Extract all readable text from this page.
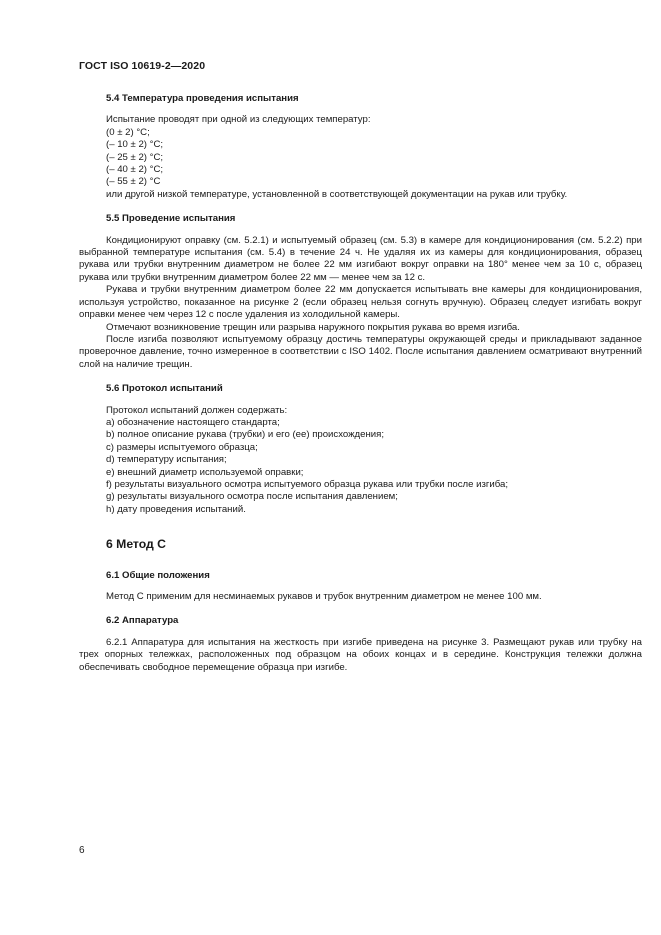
ГОСТ ISO 10619-2—2020
5.4 Температура проведения испытания

Испытание проводят при одной из следующих температур:

(0 ± 2) °C;

(– 10 ± 2) °C;

(– 25 ± 2) °C;

(– 40 ± 2) °C;

(– 55 ± 2) °C

или другой низкой температуре, установленной в соответствующей документации на рукав или трубку.

5.5 Проведение испытания

Кондиционируют оправку (см. 5.2.1) и испытуемый образец (см. 5.3) в камере для кондиционирования (см. 5.2.2) при выбранной температуре испытания (см. 5.4) в течение 24 ч. Не удаляя их из камеры для кондиционирования, образец рукава или трубки внутренним диаметром не более 22 мм изгибают вокруг оправки на 180° менее чем за 10 с, образец рукава или трубки внутренним диаметром более 22 мм — менее чем за 12 с.

Рукава и трубки внутренним диаметром более 22 мм допускается испытывать вне камеры для кондиционирования, используя устройство, показанное на рисунке 2 (если образец нельзя согнуть вручную). Образец следует изгибать вокруг оправки менее чем через 12 с после удаления из холодильной камеры.

Отмечают возникновение трещин или разрыва наружного покрытия рукава во время изгиба.

После изгиба позволяют испытуемому образцу достичь температуры окружающей среды и прикладывают заданное проверочное давление, точно измеренное в соответствии с ISO 1402. После испытания давлением осматривают внутренний слой на наличие трещин.

5.6 Протокол испытаний

Протокол испытаний должен содержать:

a) обозначение настоящего стандарта;

b) полное описание рукава (трубки) и его (ее) происхождения;

c) размеры испытуемого образца;

d) температуру испытания;

e) внешний диаметр используемой оправки;

f) результаты визуального осмотра испытуемого образца рукава или трубки после изгиба;

g) результаты визуального осмотра после испытания давлением;

h) дату проведения испытаний.

6 Метод С
6.1 Общие положения

Метод С применим для несминаемых рукавов и трубок внутренним диаметром не менее 100 мм.

6.2 Аппаратура

6.2.1 Аппаратура для испытания на жесткость при изгибе приведена на рисунке 3. Размещают рукав или трубку на трех опорных тележках, расположенных под образцом на обоих концах и в середине. Конструкция тележки должна обеспечивать свободное перемещение образца при изгибе.

6
